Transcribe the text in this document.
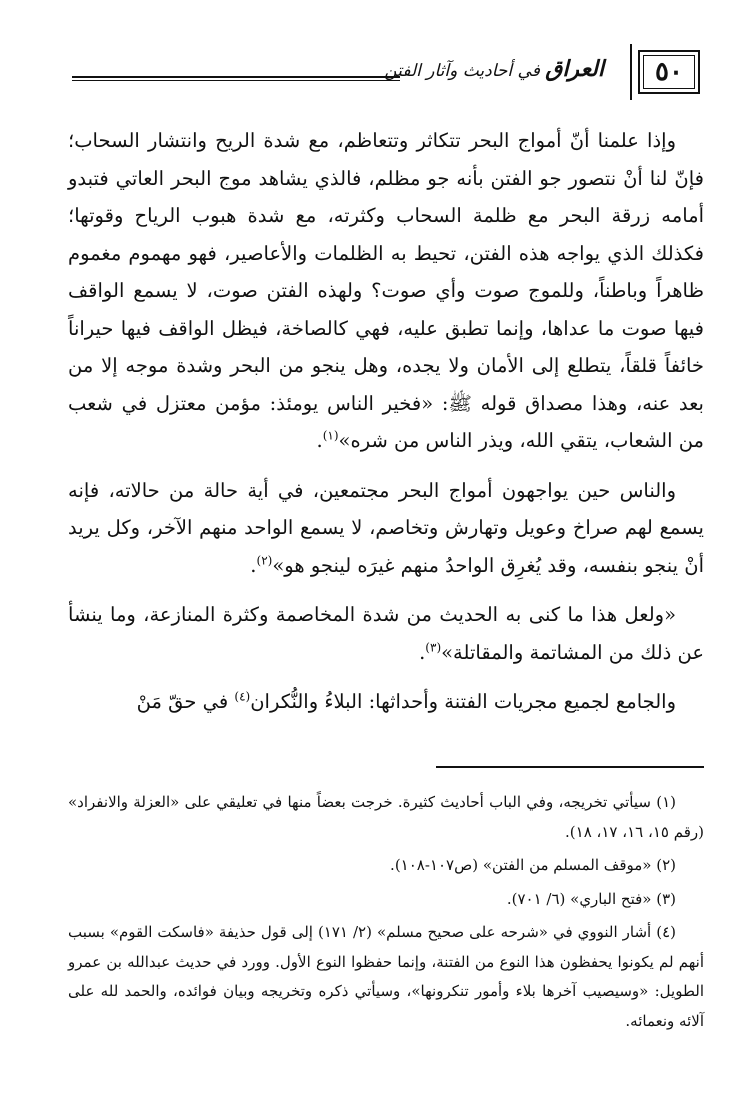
٥٠
العراق في أحاديث وآثار الفتن

وإذا علمنا أنّ أمواج البحر تتكاثر وتتعاظم، مع شدة الريح وانتشار السحاب؛ فإنّ لنا أنْ نتصور جو الفتن بأنه جو مظلم، فالذي يشاهد موج البحر العاتي فتبدو أمامه زرقة البحر مع ظلمة السحاب وكثرته، مع شدة هبوب الرياح وقوتها؛ فكذلك الذي يواجه هذه الفتن، تحيط به الظلمات والأعاصير، فهو مهموم مغموم ظاهراً وباطناً، وللموج صوت وأي صوت؟ ولهذه الفتن صوت، لا يسمع الواقف فيها صوت ما عداها، وإنما تطبق عليه، فهي كالصاخة، فيظل الواقف فيها حيراناً خائفاً قلقاً، يتطلع إلى الأمان ولا يجده، وهل ينجو من البحر وشدة موجه إلا من بعد عنه، وهذا مصداق قوله ﷺ: «فخير الناس يومئذ: مؤمن معتزل في شعب من الشعاب، يتقي الله، ويذر الناس من شره»$^{(١)}$.

والناس حين يواجهون أمواج البحر مجتمعين، في أية حالة من حالاته، فإنه يسمع لهم صراخ وعويل وتهارش وتخاصم، لا يسمع الواحد منهم الآخر، وكل يريد أنْ ينجو بنفسه، وقد يُغرِق الواحدُ منهم غيرَه لينجو هو»$^{(٢)}$.

«ولعل هذا ما كنى به الحديث من شدة المخاصمة وكثرة المنازعة، وما ينشأ عن ذلك من المشاتمة والمقاتلة»$^{(٣)}$.

والجامع لجميع مجريات الفتنة وأحداثها: البلاءُ والنُّكران$^{(٤)}$ في حقّ مَنْ

(١) سيأتي تخريجه، وفي الباب أحاديث كثيرة. خرجت بعضاً منها في تعليقي على «العزلة والانفراد» (رقم ١٥، ١٦، ١٧، ١٨).

(٢) «موقف المسلم من الفتن» (ص١٠٧-١٠٨).

(٣) «فتح الباري» (٦/ ٧٠١).

(٤) أشار النووي في «شرحه على صحيح مسلم» (٢/ ١٧١) إلى قول حذيفة «فاسكت القوم» بسبب أنهم لم يكونوا يحفظون هذا النوع من الفتنة، وإنما حفظوا النوع الأول. وورد في حديث عبدالله بن عمرو الطويل: «وسيصيب آخرها بلاء وأمور تنكرونها»، وسيأتي ذكره وتخريجه وبيان فوائده، والحمد لله على آلائه ونعمائه.
